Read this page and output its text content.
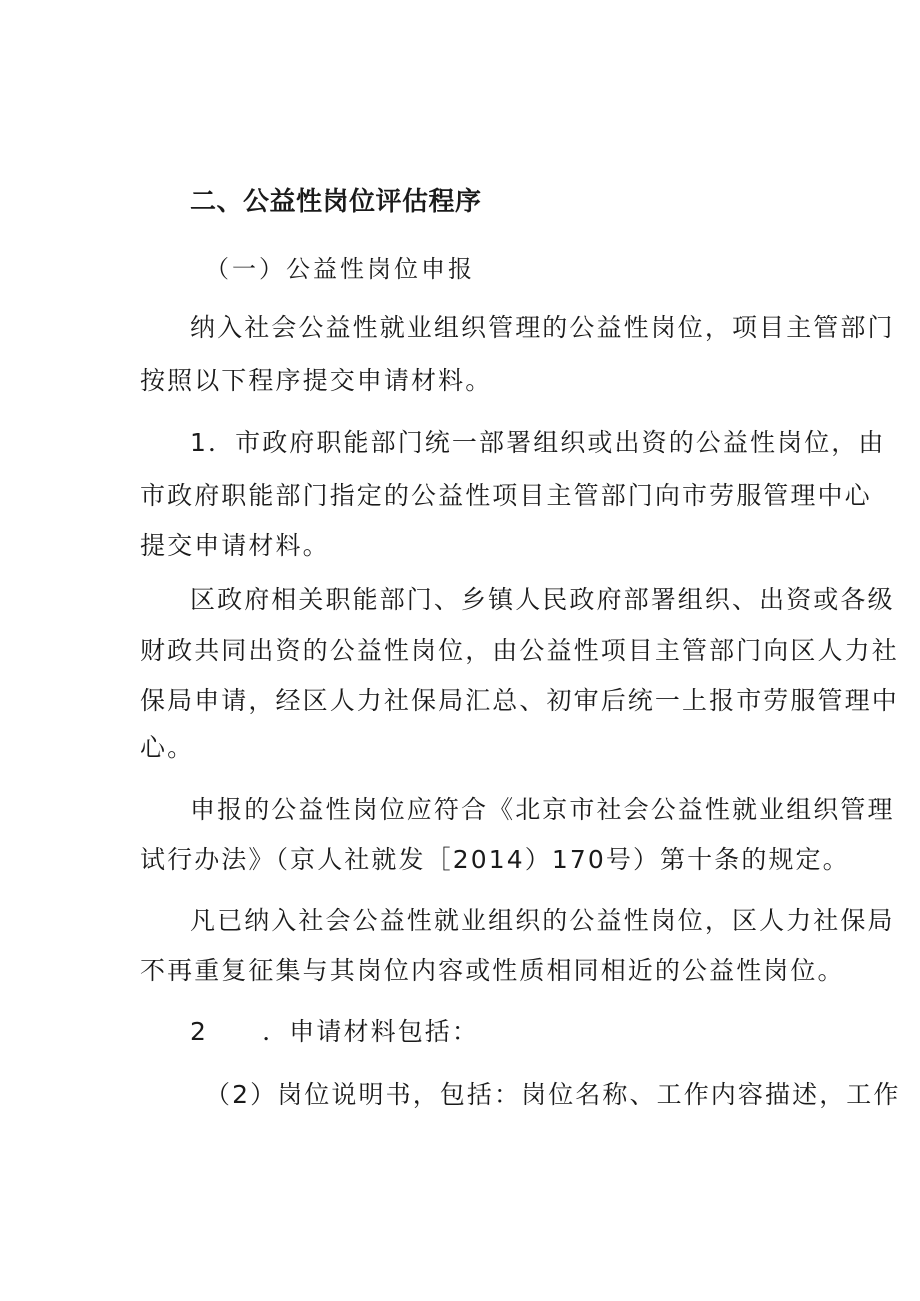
二、公益性岗位评估程序
（一）公益性岗位申报
纳入社会公益性就业组织管理的公益性岗位，项目主管部门
按照以下程序提交申请材料。
1．市政府职能部门统一部署组织或出资的公益性岗位，由
市政府职能部门指定的公益性项目主管部门向市劳服管理中心
提交申请材料。
区政府相关职能部门、乡镇人民政府部署组织、出资或各级
财政共同出资的公益性岗位，由公益性项目主管部门向区人力社
保局申请，经区人力社保局汇总、初审后统一上报市劳服管理中
心。
申报的公益性岗位应符合《北京市社会公益性就业组织管理
试行办法》（京人社就发［2014）170号）第十条的规定。
凡已纳入社会公益性就业组织的公益性岗位，区人力社保局
不再重复征集与其岗位内容或性质相同相近的公益性岗位。
2　　．申请材料包括：
（2）岗位说明书，包括：岗位名称、工作内容描述，工作
